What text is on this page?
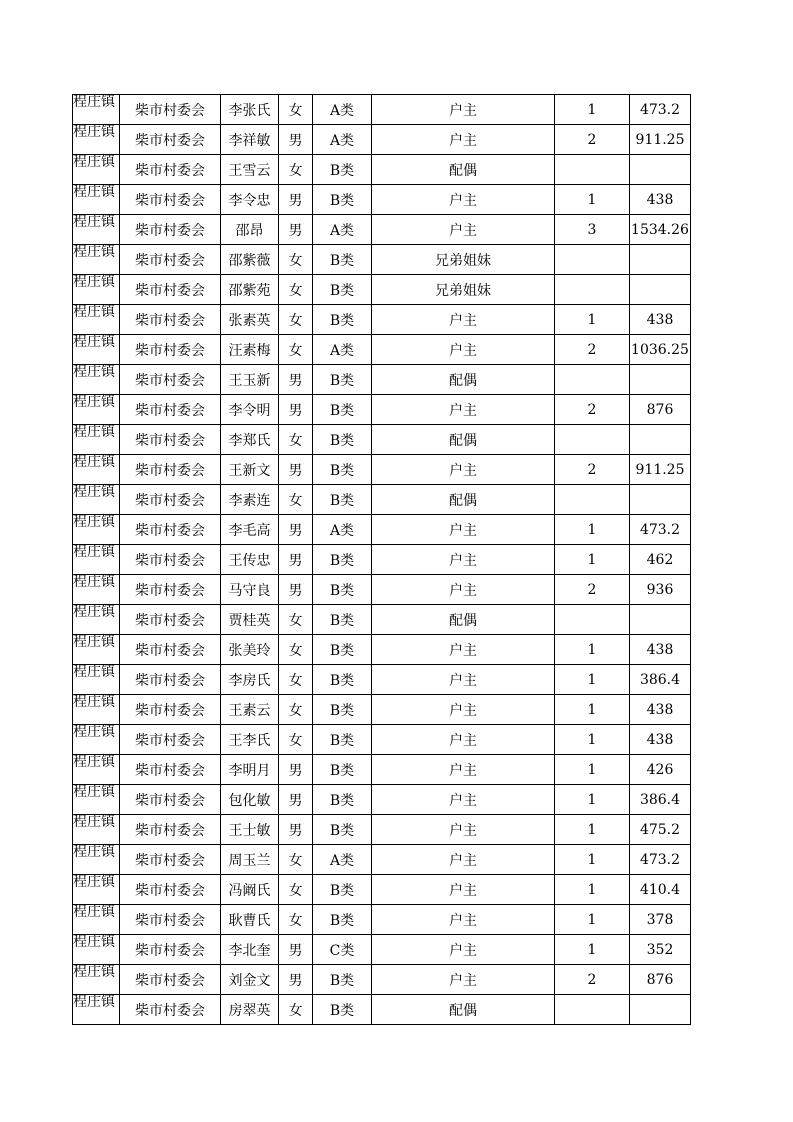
程庄镇	柴市村委会	李张氏	女	A类	户主	1	473.2

程庄镇	柴市村委会	李祥敏	男	A类	户主	2	911.25

程庄镇	柴市村委会	王雪云	女	B类	配偶		

程庄镇	柴市村委会	李令忠	男	B类	户主	1	438

程庄镇	柴市村委会	邵昂	男	A类	户主	3	1534.26

程庄镇	柴市村委会	邵紫薇	女	B类	兄弟姐妹		

程庄镇	柴市村委会	邵紫苑	女	B类	兄弟姐妹		

程庄镇	柴市村委会	张素英	女	B类	户主	1	438

程庄镇	柴市村委会	汪素梅	女	A类	户主	2	1036.25

程庄镇	柴市村委会	王玉新	男	B类	配偶		

程庄镇	柴市村委会	李令明	男	B类	户主	2	876

程庄镇	柴市村委会	李郑氏	女	B类	配偶		

程庄镇	柴市村委会	王新文	男	B类	户主	2	911.25

程庄镇	柴市村委会	李素连	女	B类	配偶		

程庄镇	柴市村委会	李毛高	男	A类	户主	1	473.2

程庄镇	柴市村委会	王传忠	男	B类	户主	1	462

程庄镇	柴市村委会	马守良	男	B类	户主	2	936

程庄镇	柴市村委会	贾桂英	女	B类	配偶		

程庄镇	柴市村委会	张美玲	女	B类	户主	1	438

程庄镇	柴市村委会	李房氏	女	B类	户主	1	386.4

程庄镇	柴市村委会	王素云	女	B类	户主	1	438

程庄镇	柴市村委会	王李氏	女	B类	户主	1	438

程庄镇	柴市村委会	李明月	男	B类	户主	1	426

程庄镇	柴市村委会	包化敏	男	B类	户主	1	386.4

程庄镇	柴市村委会	王士敏	男	B类	户主	1	475.2

程庄镇	柴市村委会	周玉兰	女	A类	户主	1	473.2

程庄镇	柴市村委会	冯阚氏	女	B类	户主	1	410.4

程庄镇	柴市村委会	耿曹氏	女	B类	户主	1	378

程庄镇	柴市村委会	李北奎	男	C类	户主	1	352

程庄镇	柴市村委会	刘金文	男	B类	户主	2	876

程庄镇	柴市村委会	房翠英	女	B类	配偶		
